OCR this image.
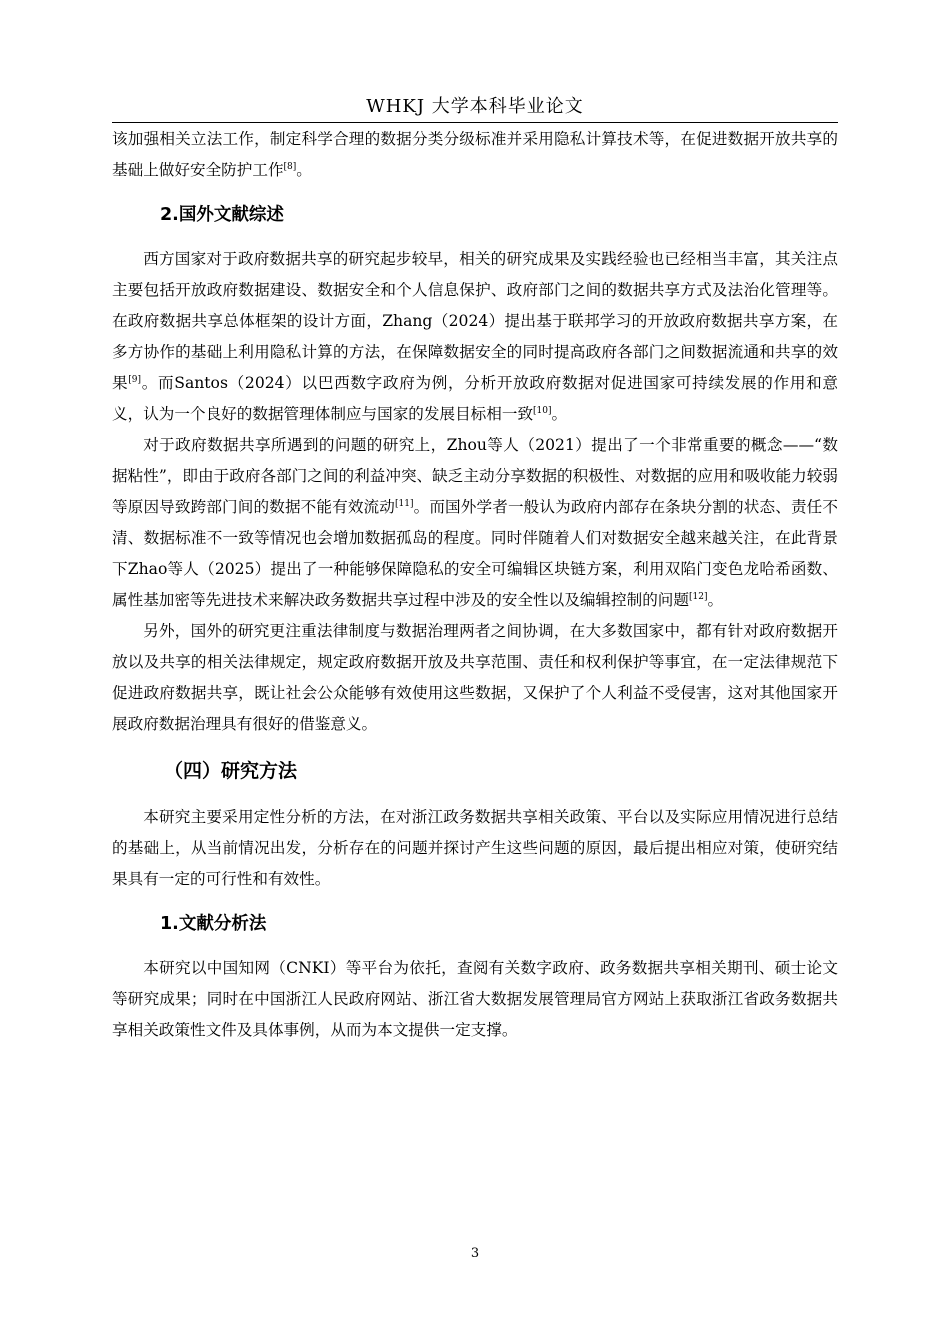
WHKJ 大学本科毕业论文

该加强相关立法工作，制定科学合理的数据分类分级标准并采用隐私计算技术等，在促进数据开放共享的基础上做好安全防护工作[8]。

2.国外文献综述

西方国家对于政府数据共享的研究起步较早，相关的研究成果及实践经验也已经相当丰富，其关注点主要包括开放政府数据建设、数据安全和个人信息保护、政府部门之间的数据共享方式及法治化管理等。在政府数据共享总体框架的设计方面，Zhang（2024）提出基于联邦学习的开放政府数据共享方案，在多方协作的基础上利用隐私计算的方法，在保障数据安全的同时提高政府各部门之间数据流通和共享的效果[9]。而Santos（2024）以巴西数字政府为例，分析开放政府数据对促进国家可持续发展的作用和意义，认为一个良好的数据管理体制应与国家的发展目标相一致[10]。

对于政府数据共享所遇到的问题的研究上，Zhou等人（2021）提出了一个非常重要的概念——“数据粘性”，即由于政府各部门之间的利益冲突、缺乏主动分享数据的积极性、对数据的应用和吸收能力较弱等原因导致跨部门间的数据不能有效流动[11]。而国外学者一般认为政府内部存在条块分割的状态、责任不清、数据标准不一致等情况也会增加数据孤岛的程度。同时伴随着人们对数据安全越来越关注，在此背景下Zhao等人（2025）提出了一种能够保障隐私的安全可编辑区块链方案，利用双陷门变色龙哈希函数、属性基加密等先进技术来解决政务数据共享过程中涉及的安全性以及编辑控制的问题[12]。

另外，国外的研究更注重法律制度与数据治理两者之间协调，在大多数国家中，都有针对政府数据开放以及共享的相关法律规定，规定政府数据开放及共享范围、责任和权利保护等事宜，在一定法律规范下促进政府数据共享，既让社会公众能够有效使用这些数据，又保护了个人利益不受侵害，这对其他国家开展政府数据治理具有很好的借鉴意义。

（四）研究方法

本研究主要采用定性分析的方法，在对浙江政务数据共享相关政策、平台以及实际应用情况进行总结的基础上，从当前情况出发，分析存在的问题并探讨产生这些问题的原因，最后提出相应对策，使研究结果具有一定的可行性和有效性。

1.文献分析法

本研究以中国知网（CNKI）等平台为依托，查阅有关数字政府、政务数据共享相关期刊、硕士论文等研究成果；同时在中国浙江人民政府网站、浙江省大数据发展管理局官方网站上获取浙江省政务数据共享相关政策性文件及具体事例，从而为本文提供一定支撑。

3
